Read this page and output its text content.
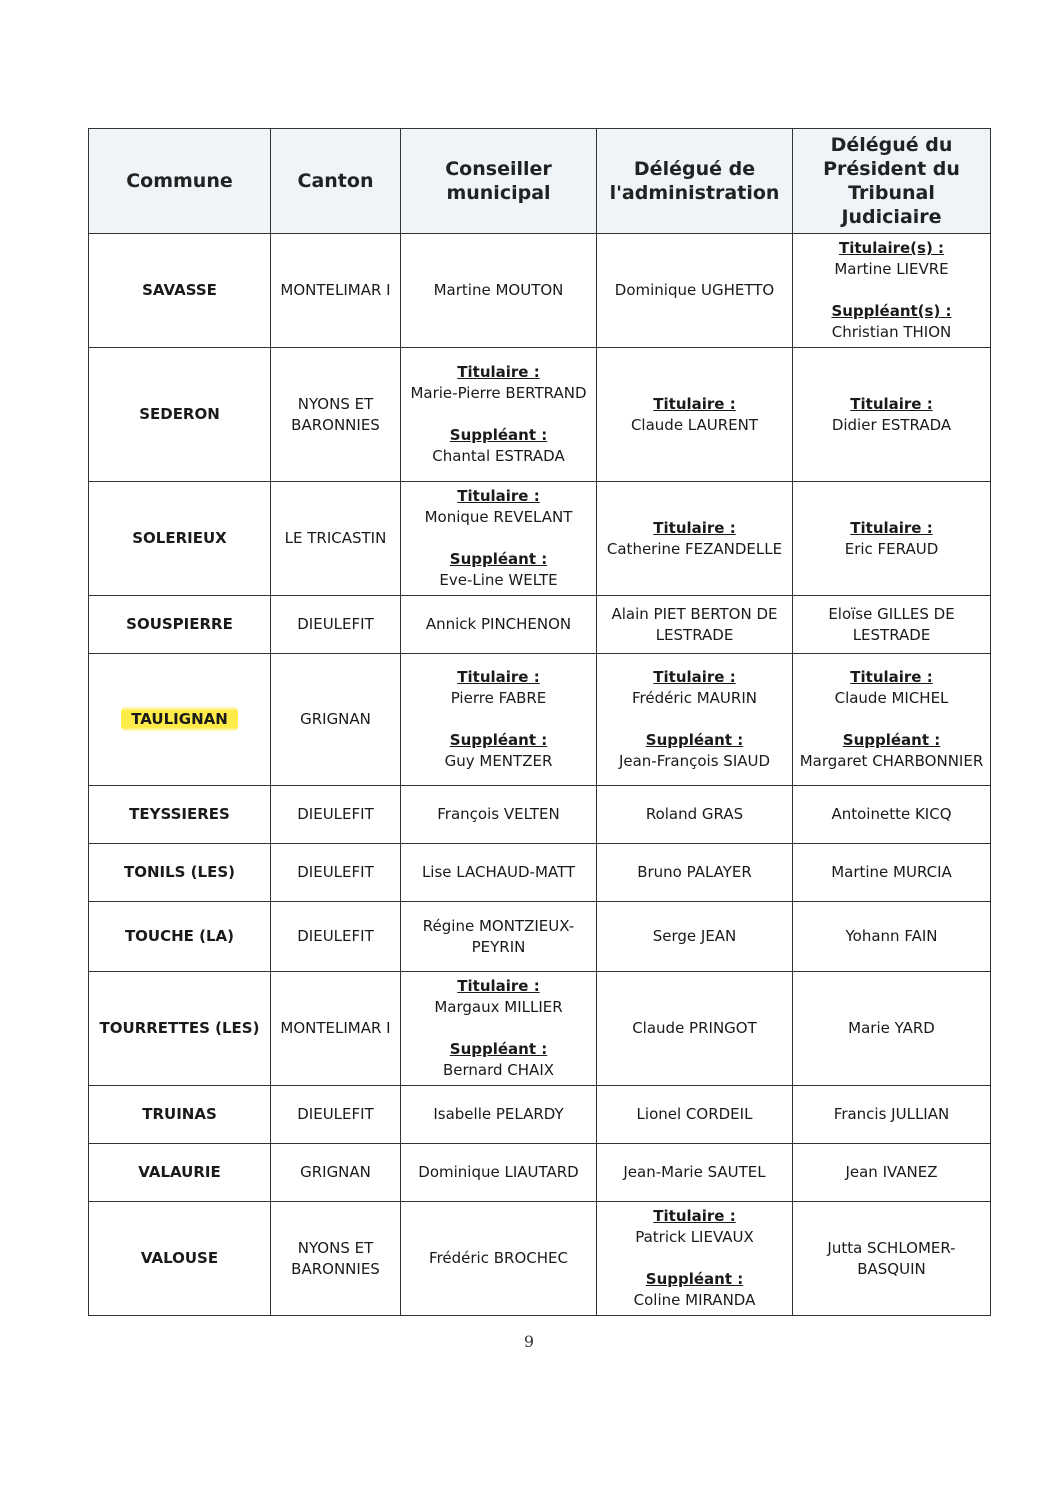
Commune	Canton	Conseiller municipal	Délégué de l'administration	Délégué du Président du Tribunal Judiciaire
SAVASSE	MONTELIMAR I	Martine MOUTON	Dominique UGHETTO	Titulaire(s) :
Martine LIEVRE
Suppléant(s) :
Christian THION

SEDERON	NYONS ET BARONNIES	Titulaire :
Marie-Pierre BERTRAND
Suppléant :
Chantal ESTRADA	Titulaire :
Claude LAURENT	Titulaire :
Didier ESTRADA

SOLERIEUX	LE TRICASTIN	Titulaire :
Monique REVELANT
Suppléant :
Eve-Line WELTE	Titulaire :
Catherine FEZANDELLE	Titulaire :
Eric FERAUD

SOUSPIERRE	DIEULEFIT	Annick PINCHENON	Alain PIET BERTON DE LESTRADE	Eloïse GILLES DE LESTRADE
TAULIGNAN	GRIGNAN	Titulaire :
Pierre FABRE
Suppléant :
Guy MENTZER	Titulaire :
Frédéric MAURIN
Suppléant :
Jean-François SIAUD	Titulaire :
Claude MICHEL
Suppléant :
Margaret CHARBONNIER

TEYSSIERES	DIEULEFIT	François VELTEN	Roland GRAS	Antoinette KICQ
TONILS (LES)	DIEULEFIT	Lise LACHAUD-MATT	Bruno PALAYER	Martine MURCIA
TOUCHE (LA)	DIEULEFIT	Régine MONTZIEUX-PEYRIN	Serge JEAN	Yohann FAIN
TOURRETTES (LES)	MONTELIMAR I	Titulaire :
Margaux MILLIER
Suppléant :
Bernard CHAIX	Claude PRINGOT	Marie YARD
TRUINAS	DIEULEFIT	Isabelle PELARDY	Lionel CORDEIL	Francis JULLIAN
VALAURIE	GRIGNAN	Dominique LIAUTARD	Jean-Marie SAUTEL	Jean IVANEZ
VALOUSE	NYONS ET BARONNIES	Frédéric BROCHEC	Titulaire :
Patrick LIEVAUX
Suppléant :
Coline MIRANDA	Jutta SCHLOMER-BASQUIN
9
